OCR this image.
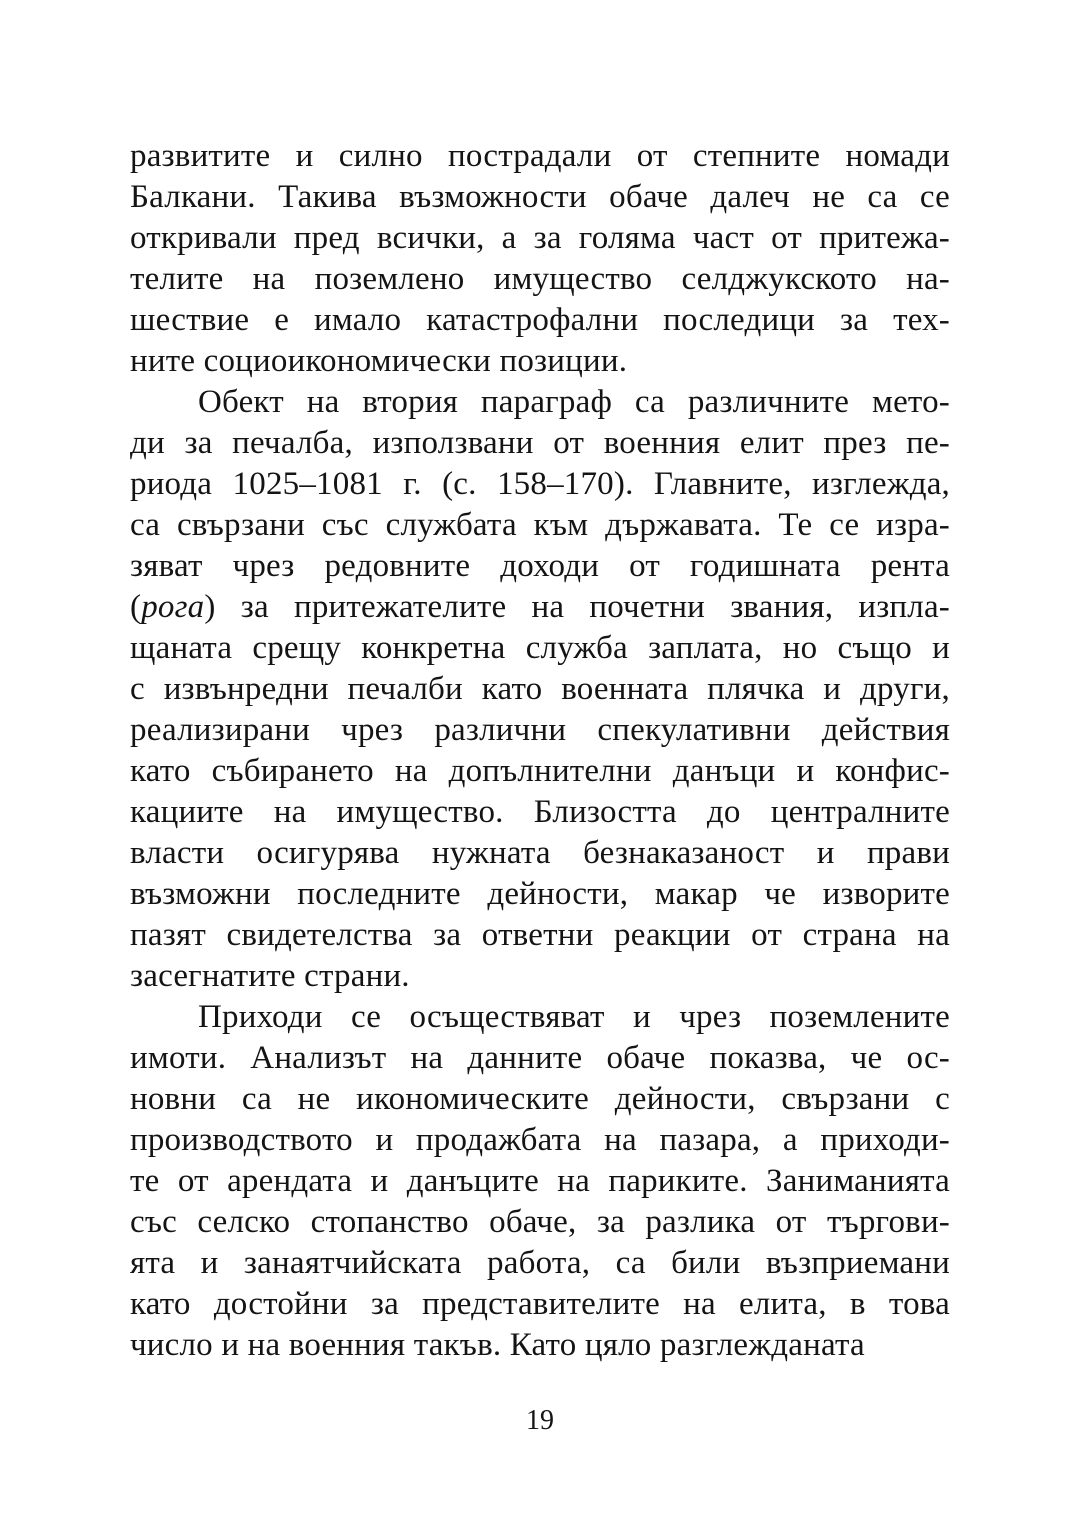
развитите и силно пострадали от степните номади
Балкани. Такива възможности обаче далеч не са се
откривали пред всички, а за голяма част от притежа-
телите на поземлено имущество селджукското на-
шествие е имало катастрофални последици за тех-
ните социоикономически позиции.
Обект на втория параграф са различните мето-
ди за печалба, използвани от военния елит през пе-
риода 1025–1081 г. (с. 158–170). Главните, изглежда,
са свързани със службата към държавата. Те се изра-
зяват чрез редовните доходи от годишната рента
(рога) за притежателите на почетни звания, изпла-
щаната срещу конкретна служба заплата, но също и
с извънредни печалби като военната плячка и други,
реализирани чрез различни спекулативни действия
като събирането на допълнителни данъци и конфис-
кациите на имущество. Близостта до централните
власти осигурява нужната безнаказаност и прави
възможни последните дейности, макар че изворите
пазят свидетелства за ответни реакции от страна на
засегнатите страни.
Приходи се осъществяват и чрез поземлените
имоти. Анализът на данните обаче показва, че ос-
новни са не икономическите дейности, свързани с
производството и продажбата на пазара, а приходи-
те от арендата и данъците на париките. Заниманията
със селско стопанство обаче, за разлика от търгови-
ята и занаятчийската работа, са били възприемани
като достойни за представителите на елита, в това
число и на военния такъв. Като цяло разглежданата
19
